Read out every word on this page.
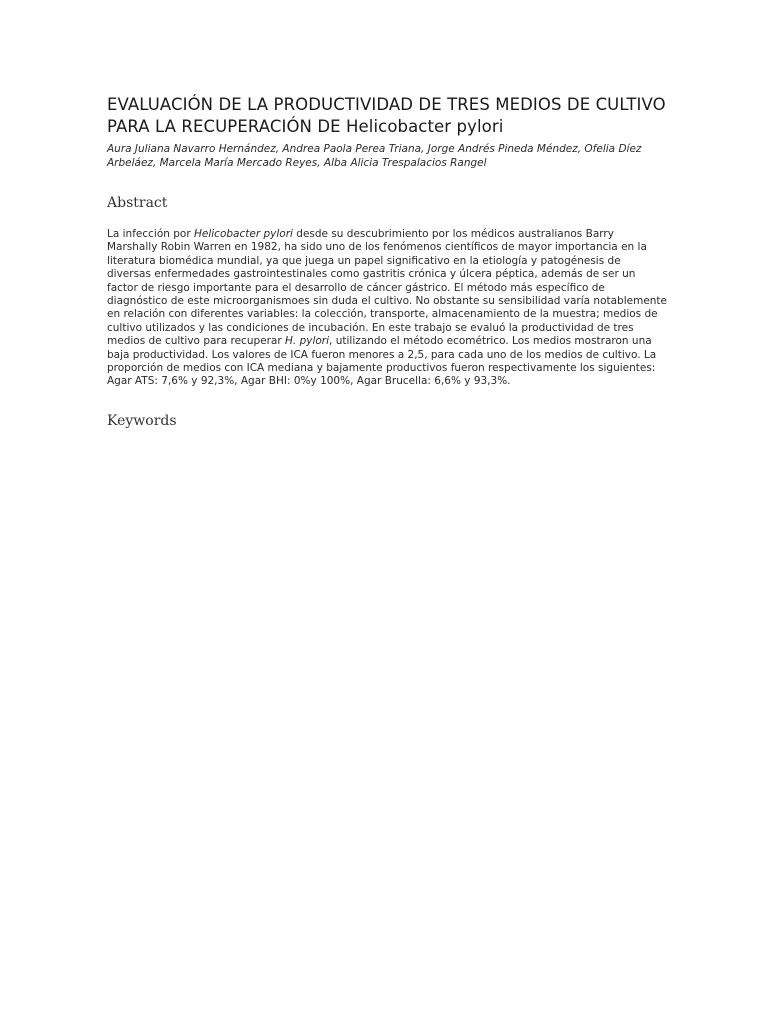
EVALUACIÓN DE LA PRODUCTIVIDAD DE TRES MEDIOS DE CULTIVO PARA LA RECUPERACIÓN DE Helicobacter pylori

Aura Juliana Navarro Hernández, Andrea Paola Perea Triana, Jorge Andrés Pineda Méndez, Ofelia Díez Arbeláez, Marcela María Mercado Reyes, Alba Alicia Trespalacios Rangel

Abstract

La infección por Helicobacter pylori desde su descubrimiento por los médicos australianos Barry Marshally Robin Warren en 1982, ha sido uno de los fenómenos científicos de mayor importancia en la literatura biomédica mundial, ya que juega un papel significativo en la etiología y patogénesis de diversas enfermedades gastrointestinales como gastritis crónica y úlcera péptica, además de ser un factor de riesgo importante para el desarrollo de cáncer gástrico. El método más específico de diagnóstico de este microorganismoes sin duda el cultivo. No obstante su sensibilidad varía notablemente en relación con diferentes variables: la colección, transporte, almacenamiento de la muestra; medios de cultivo utilizados y las condiciones de incubación. En este trabajo se evaluó la productividad de tres medios de cultivo para recuperar H. pylori, utilizando el método ecométrico. Los medios mostraron una baja productividad. Los valores de ICA fueron menores a 2,5, para cada uno de los medios de cultivo. La proporción de medios con ICA mediana y bajamente productivos fueron respectivamente los siguientes: Agar ATS: 7,6% y 92,3%, Agar BHI: 0%y 100%, Agar Brucella: 6,6% y 93,3%.

Keywords
